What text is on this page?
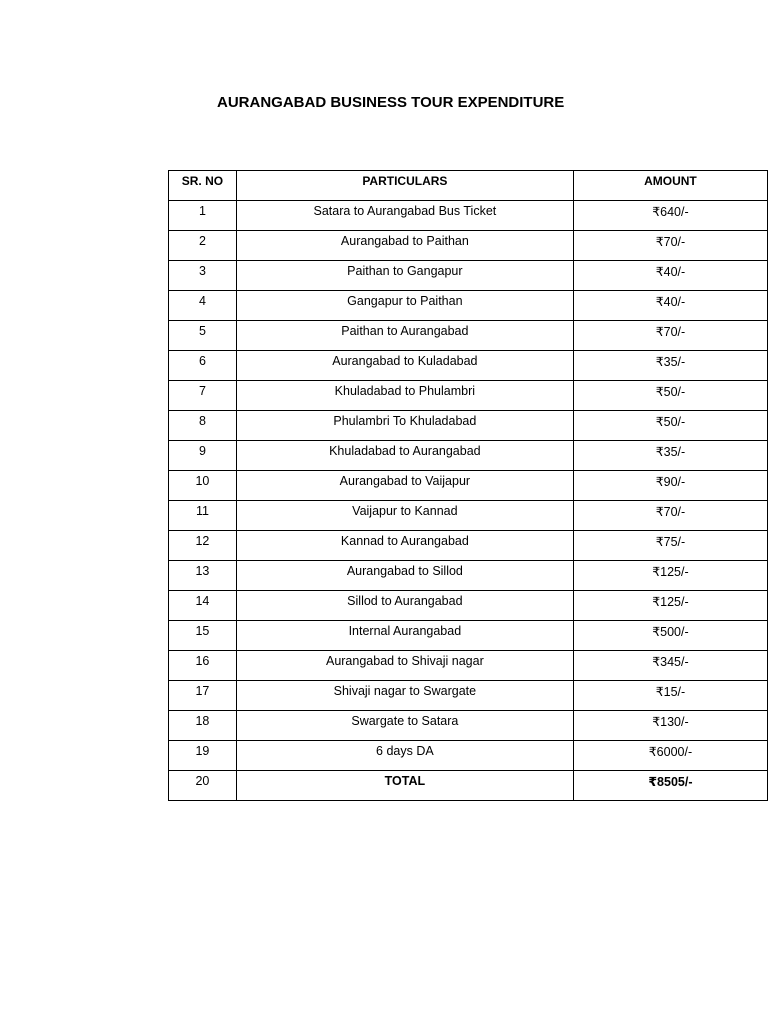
AURANGABAD BUSINESS TOUR EXPENDITURE
SR. NO	PARTICULARS	AMOUNT
1	Satara to Aurangabad Bus Ticket	₹640/-
2	Aurangabad to Paithan	₹70/-
3	Paithan to Gangapur	₹40/-
4	Gangapur to Paithan	₹40/-
5	Paithan to Aurangabad	₹70/-
6	Aurangabad to Kuladabad	₹35/-
7	Khuladabad to Phulambri	₹50/-
8	Phulambri To Khuladabad	₹50/-
9	Khuladabad to Aurangabad	₹35/-
10	Aurangabad to Vaijapur	₹90/-
11	Vaijapur to Kannad	₹70/-
12	Kannad to Aurangabad	₹75/-
13	Aurangabad to Sillod	₹125/-
14	Sillod to Aurangabad	₹125/-
15	Internal Aurangabad	₹500/-
16	Aurangabad to Shivaji nagar	₹345/-
17	Shivaji nagar to Swargate	₹15/-
18	Swargate to Satara	₹130/-
19	6 days DA	₹6000/-
20	TOTAL	₹8505/-
